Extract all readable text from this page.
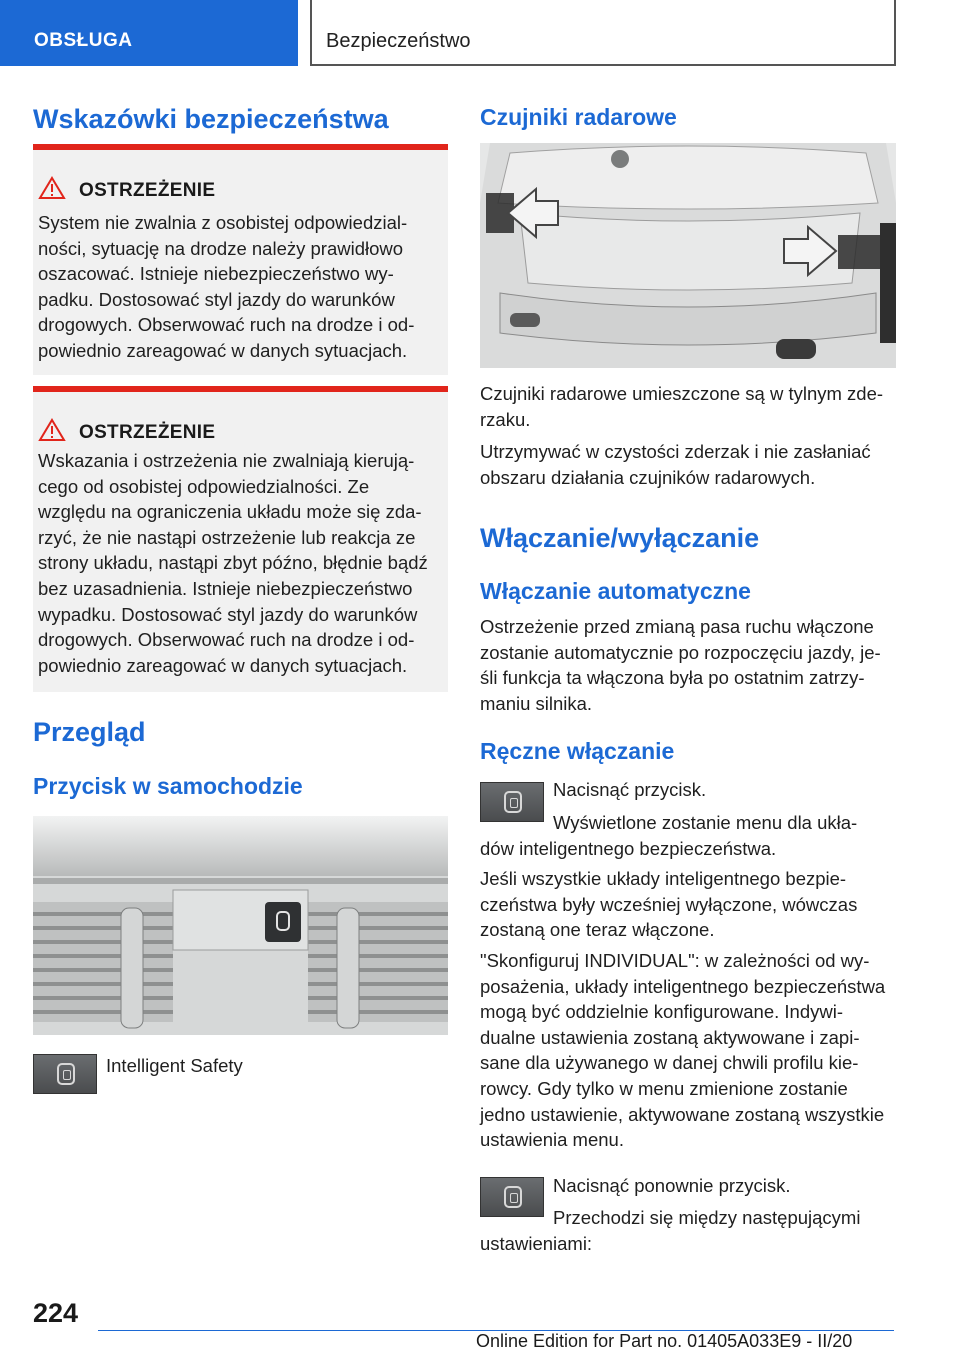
OBSŁUGA	Bezpieczeństwo
Wskazówki bezpieczeństwa
OSTRZEŻENIE
System nie zwalnia z osobistej odpowiedzial-
ności, sytuację na drodze należy prawidłowo
oszacować. Istnieje niebezpieczeństwo wy-
padku. Dostosować styl jazdy do warunków
drogowych. Obserwować ruch na drodze i od-
powiednio zareagować w danych sytuacjach.
OSTRZEŻENIE
Wskazania i ostrzeżenia nie zwalniają kierują-
cego od osobistej odpowiedzialności. Ze
względu na ograniczenia układu może się zda-
rzyć, że nie nastąpi ostrzeżenie lub reakcja ze
strony układu, nastąpi zbyt późno, błędnie bądź
bez uzasadnienia. Istnieje niebezpieczeństwo
wypadku. Dostosować styl jazdy do warunków
drogowych. Obserwować ruch na drodze i od-
powiednio zareagować w danych sytuacjach.
Przegląd
Przycisk w samochodzie
Intelligent Safety
Czujniki radarowe
Czujniki radarowe umieszczone są w tylnym zde-
rzaku.
Utrzymywać w czystości zderzak i nie zasłaniać
obszaru działania czujników radarowych.
Włączanie/wyłączanie
Włączanie automatyczne
Ostrzeżenie przed zmianą pasa ruchu włączone
zostanie automatycznie po rozpoczęciu jazdy, je-
śli funkcja ta włączona była po ostatnim zatrzy-
maniu silnika.
Ręczne włączanie
Nacisnąć przycisk.
Wyświetlone zostanie menu dla ukła-
dów inteligentnego bezpieczeństwa.
Jeśli wszystkie układy inteligentnego bezpie-
czeństwa były wcześniej wyłączone, wówczas
zostaną one teraz włączone.
"Skonfiguruj INDIVIDUAL": w zależności od wy-
posażenia, układy inteligentnego bezpieczeństwa
mogą być oddzielnie konfigurowane. Indywi-
dualne ustawienia zostaną aktywowane i zapi-
sane dla używanego w danej chwili profilu kie-
rowcy. Gdy tylko w menu zmienione zostanie
jedno ustawienie, aktywowane zostaną wszystkie
ustawienia menu.
Nacisnąć ponownie przycisk.
Przechodzi się między następującymi
ustawieniami:
224
Online Edition for Part no. 01405A033E9 - II/20
